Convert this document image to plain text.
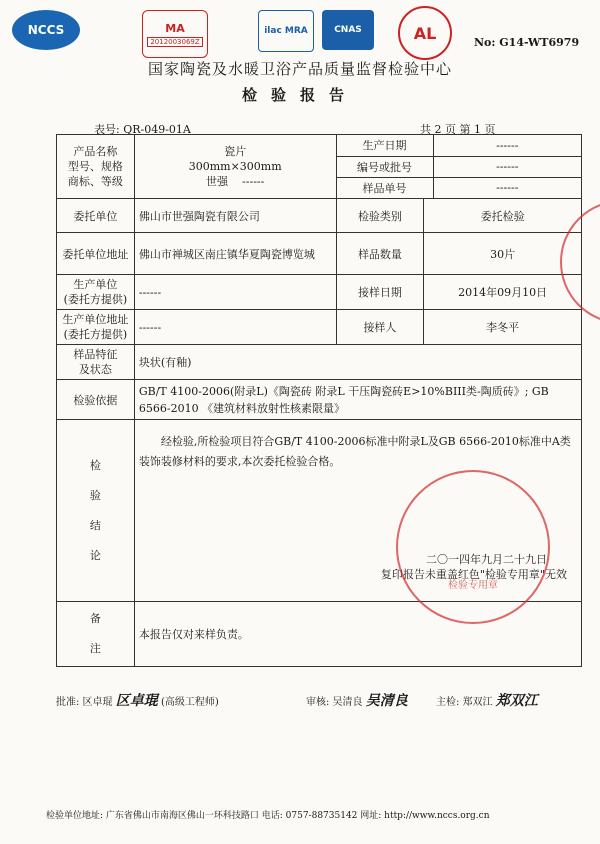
NCCS	MA
2012003069Z
ilac MRA	CNAS	AL	No: G14-WT6979
国家陶瓷及水暖卫浴产品质量监督检验中心
检验报告
表号: QR-049-01A	共 2 页 第 1 页
产品名称
型号、规格
商标、等级

瓷片
300mm×300mm
世强 ------

生产日期	------
编号或批号	------
样品单号	------

委托单位	佛山市世强陶瓷有限公司	检验类别	委托检验
委托单位地址	佛山市禅城区南庄镇华夏陶瓷博览城	样品数量	30片

生产单位
(委托方提供)
	------	接样日期	2014年09月10日

生产单位地址
(委托方提供)
	------	接样人	李冬平

样品特征
及状态
	块状(有釉)
检验依据	GB/T 4100-2006(附录L)《陶瓷砖 附录L 干压陶瓷砖E>10%BIII类-陶质砖》; GB 6566-2010 《建筑材料放射性核素限量》

检
验
结
论

经检验,所检验项目符合GB/T 4100-2006标准中附录L及GB 6566-2010标准中A类装饰装修材料的要求,本次委托检验合格。
二〇一四年九月二十九日
复印报告未重盖红色"检验专用章"无效

备
注
	本报告仅对来样负责。
检验专用章
批准: 区卓琨 区卓琨 (高级工程师)	审核: 吴清良 吴清良	主检: 郑双江 郑双江
检验单位地址: 广东省佛山市南海区佛山一环科技路口 电话: 0757-88735142 网址: http://www.nccs.org.cn
